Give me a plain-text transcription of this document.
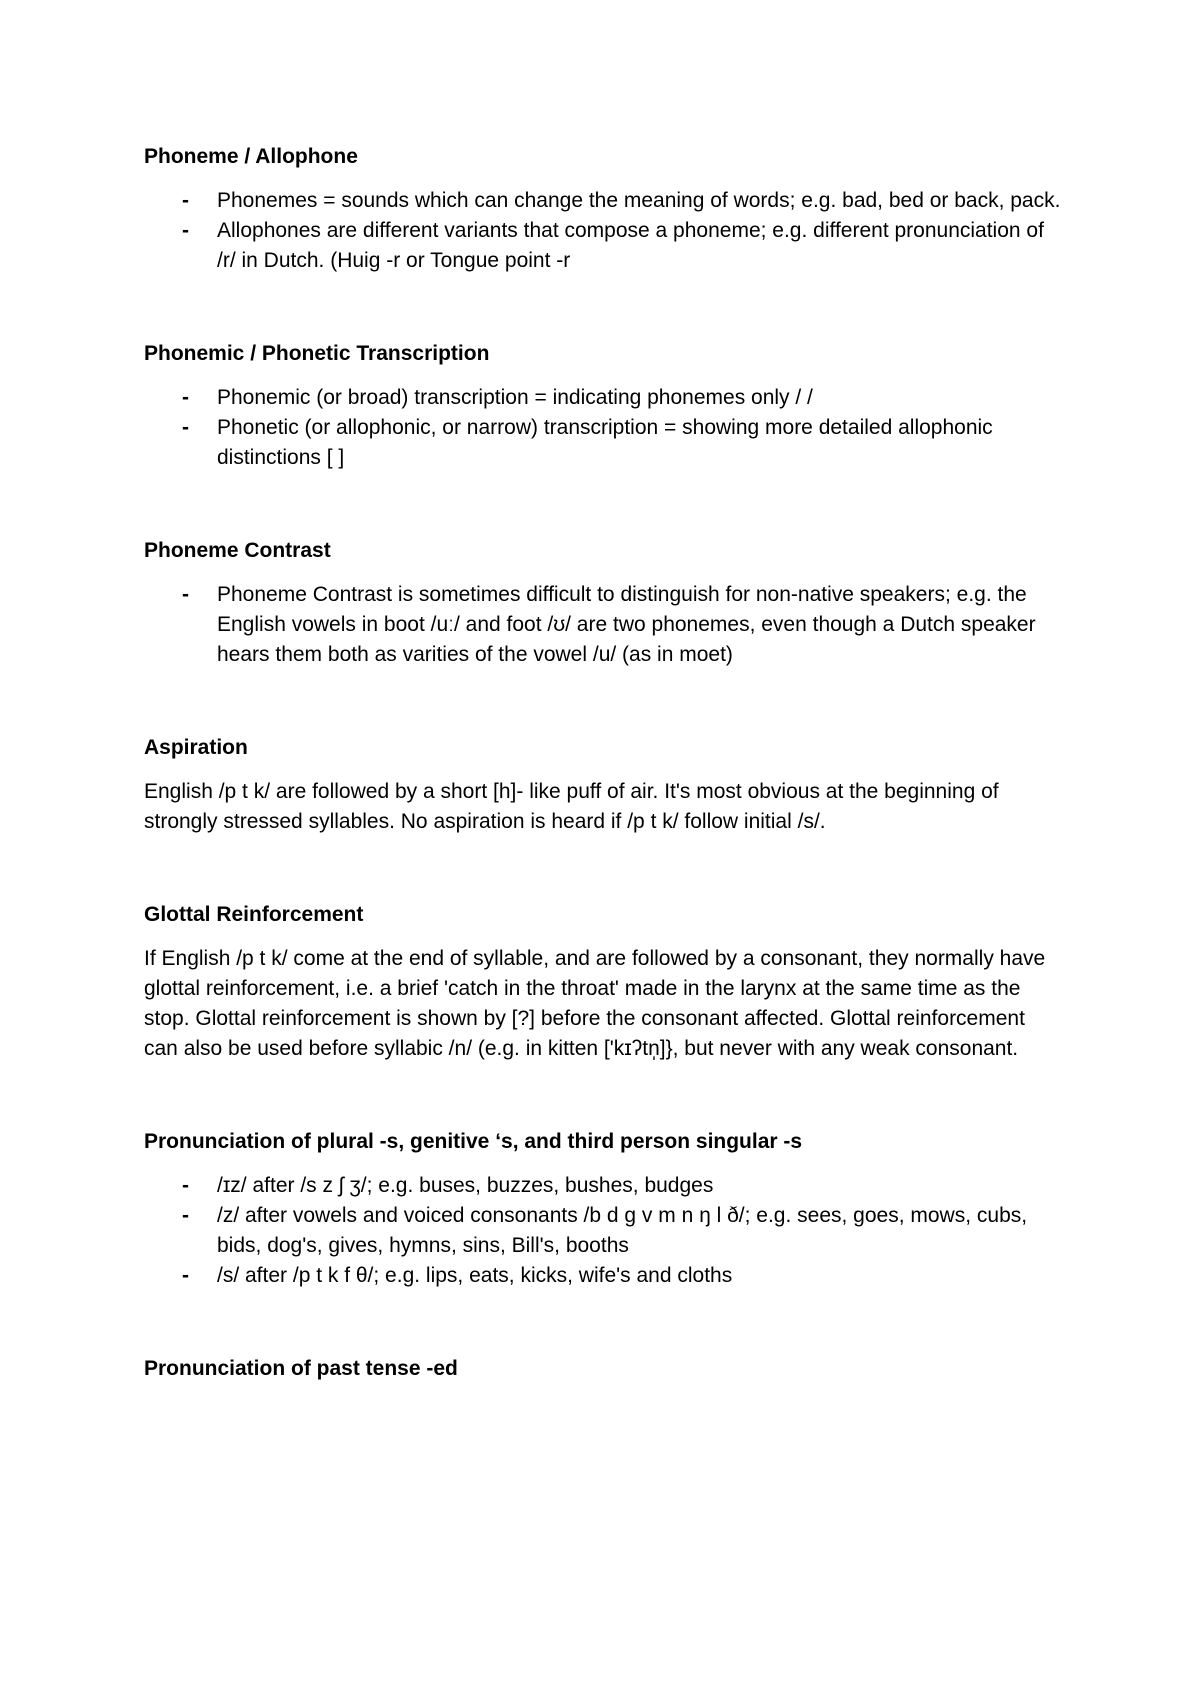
Phoneme / Allophone
- Phonemes = sounds which can change the meaning of words; e.g. bad, bed or back, pack.
- Allophones are different variants that compose a phoneme; e.g. different pronunciation of /r/ in Dutch. (Huig -r or Tongue point -r
Phonemic / Phonetic Transcription
- Phonemic (or broad) transcription = indicating phonemes only / /
- Phonetic (or allophonic, or narrow) transcription = showing more detailed allophonic distinctions [ ]
Phoneme Contrast
- Phoneme Contrast is sometimes difficult to distinguish for non-native speakers; e.g. the English vowels in boot /uː/ and foot /ʊ/ are two phonemes, even though a Dutch speaker hears them both as varities of the vowel /u/ (as in moet)
Aspiration

English /p t k/ are followed by a short [h]- like puff of air. It's most obvious at the beginning of strongly stressed syllables. No aspiration is heard if /p t k/ follow initial /s/.

Glottal Reinforcement

If English /p t k/ come at the end of syllable, and are followed by a consonant, they normally have glottal reinforcement, i.e. a brief 'catch in the throat' made in the larynx at the same time as the stop. Glottal reinforcement is shown by [?] before the consonant affected. Glottal reinforcement can also be used before syllabic /n/ (e.g. in kitten ['kɪʔtn̩]}, but never with any weak consonant.

Pronunciation of plural -s, genitive ‘s, and third person singular -s
- /ɪz/ after /s z ʃ ʒ/; e.g. buses, buzzes, bushes, budges
- /z/ after vowels and voiced consonants /b d g v m n ŋ l ð/; e.g. sees, goes, mows, cubs, bids, dog's, gives, hymns, sins, Bill's, booths
- /s/ after /p t k f θ/; e.g. lips, eats, kicks, wife's and cloths
Pronunciation of past tense -ed
